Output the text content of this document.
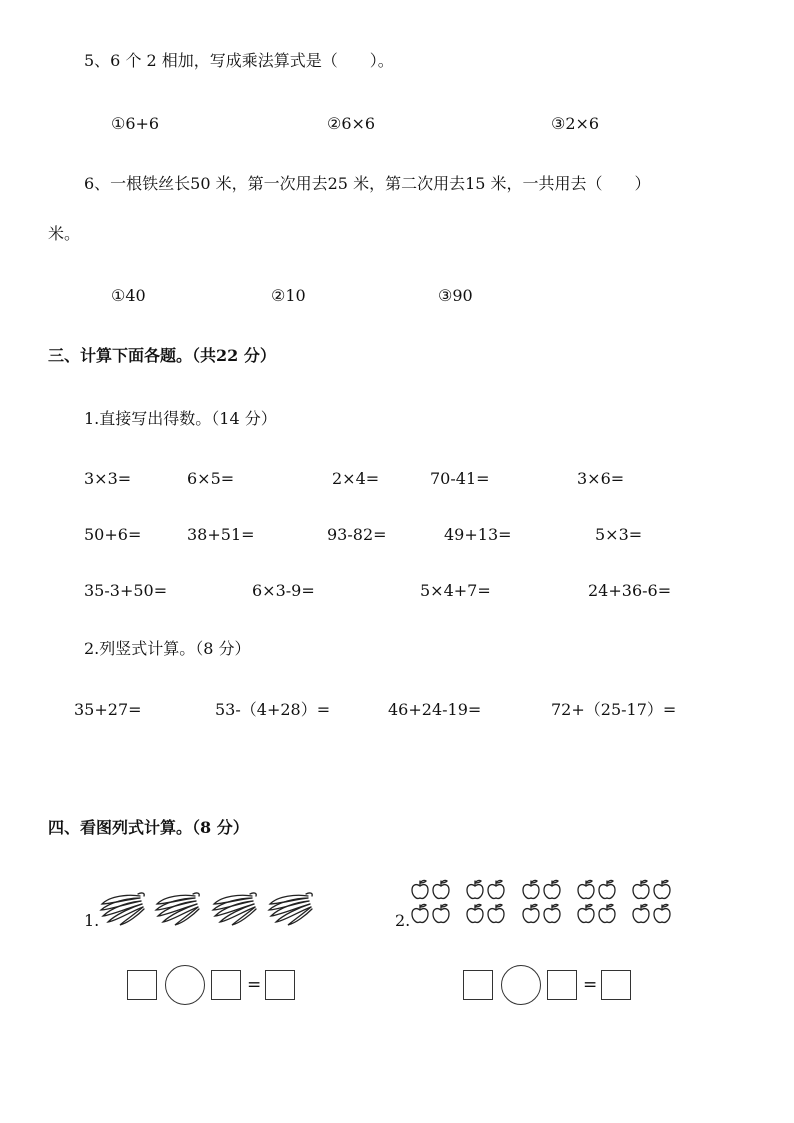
5、6 个 2 相加，写成乘法算式是（　　）。
①6+6	②6×6	③2×6
6、一根铁丝长50 米，第一次用去25 米，第二次用去15 米，一共用去（　　）
米。
①40	②10	③90
三、计算下面各题。（共22 分）
1.直接写出得数。（14 分）
3×3=	6×5=	2×4=	70-41=	3×6=
50+6=	38+51=	93-82=	49+13=	5×3=
35-3+50=	6×3-9=	5×4+7=	24+36-6=
2.列竖式计算。（8 分）
35+27=	53-（4+28）=	46+24-19=	72+（25-17）=
四、看图列式计算。（8 分）
1.
=
2.
=
